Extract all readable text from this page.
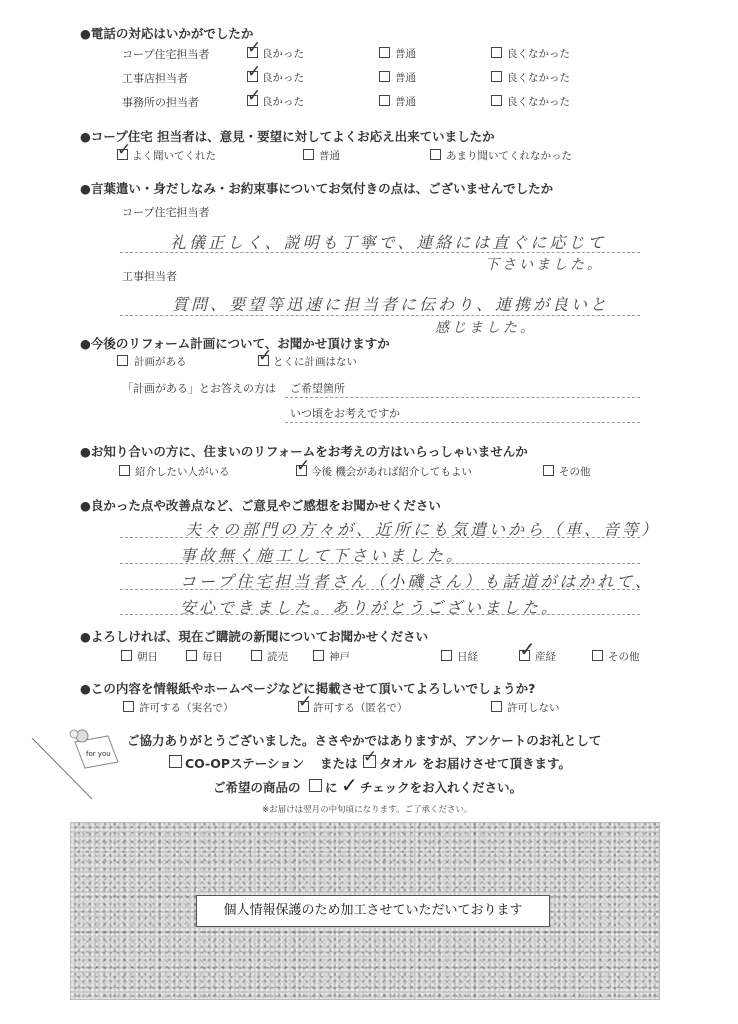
●電話の対応はいかがでしたか
コープ住宅担当者 ✓ 良かった	普通	良くなかった
工事店担当者	✓ 良かった	普通	良くなかった
事務所の担当者	✓ 良かった	普通	良くなかった
●コープ住宅 担当者は、意見・要望に対してよくお応え出来ていましたか
✓ よく聞いてくれた	普通	あまり聞いてくれなかった
●言葉遣い・身だしなみ・お約束事についてお気付きの点は、ございませんでしたか
コープ住宅担当者
礼儀正しく、説明も丁寧で、連絡には直ぐに応じて
下さいました。
工事担当者
質問、要望等迅速に担当者に伝わり、連携が良いと
感じました。
●今後のリフォーム計画について、お聞かせ頂けますか
計画がある	✓ とくに計画はない
「計画がある」とお答えの方は ご希望箇所
いつ頃をお考えですか
●お知り合いの方に、住まいのリフォームをお考えの方はいらっしゃいませんか
紹介したい人がいる	✓ 今後 機会があれば紹介してもよい	その他
●良かった点や改善点など、ご意見やご感想をお聞かせください
夫々の部門の方々が、近所にも気遣いから（車、音等）
事故無く施工して下さいました。
コープ住宅担当者さん（小磯さん）も話道がはかれて、
安心できました。ありがとうございました。
●よろしければ、現在ご購読の新聞についてお聞かせください
朝日	毎日	読売	神戸	日経 ✓ 産経	その他
●この内容を情報紙やホームページなどに掲載させて頂いてよろしいでしょうか?
許可する（実名で）	✓ 許可する（匿名で）	許可しない
for you
ご協力ありがとうございました。ささやかではありますが、アンケートのお礼として
CO-OPステーション または ✓ タオル をお届けさせて頂きます。
ご希望の商品の に ✓ チェックをお入れください。
※お届けは翌月の中旬頃になります。ご了承ください。
個人情報保護のため加工させていただいております
